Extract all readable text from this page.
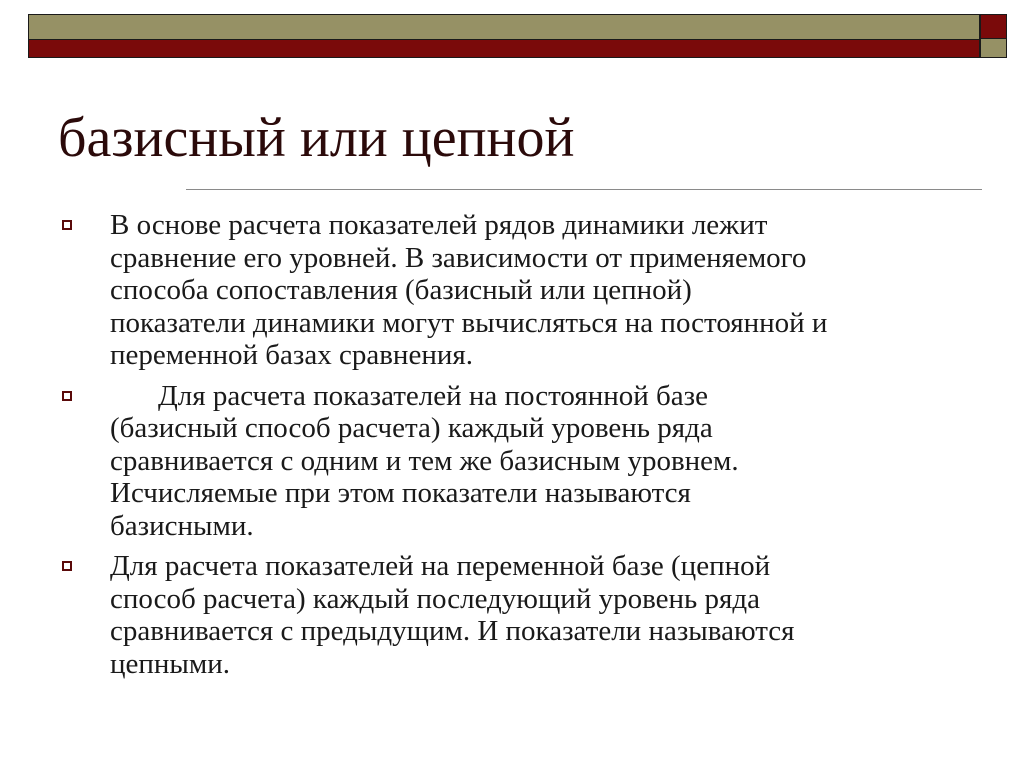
базисный или цепной
В основе расчета показателей рядов динамики лежит
сравнение его уровней. В зависимости от применяемого
способа сопоставления (базисный или цепной)
показатели динамики могут вычисляться на постоянной и
переменной базах сравнения.
Для расчета показателей на постоянной базе
(базисный способ расчета) каждый уровень ряда
сравнивается с одним и тем же базисным уровнем.
Исчисляемые при этом показатели называются
базисными.
Для расчета показателей на переменной базе (цепной
способ расчета) каждый последующий уровень ряда
сравнивается с предыдущим. И показатели называются
цепными.
